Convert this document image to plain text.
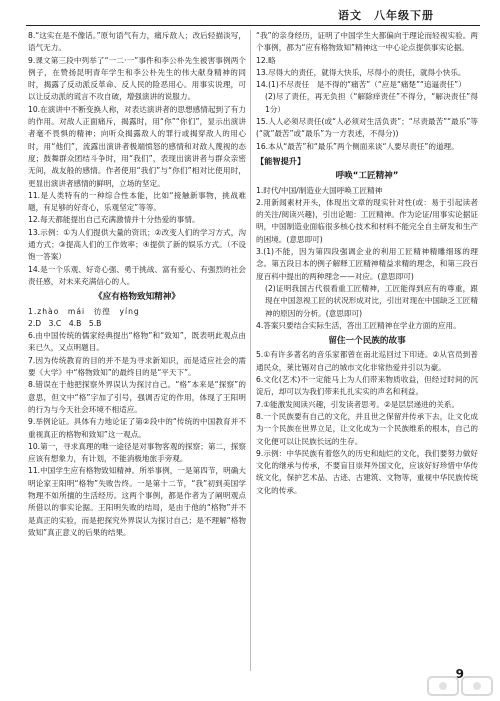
语文　八年级下册

8.“这实在是不像话。”原句语气有力，痛斥敌人；改后轻描淡写，语气无力。

9.课文第三段中列举了“一二·一”事件和李公朴先生被害事例两个例子，在赞扬昆明青年学生和李公朴先生的伟大献身精神的同时，揭露了反动派反革命、反人民的险恶用心。用事实说理，可以让反动派的谎言不攻自破，增强演讲的说服力。

10.在演讲中不断变换人称，对表达演讲者的思想感情起到了有力的作用。对敌人正面痛斥，揭露时，用“你”“你们”，显示出演讲者毫不畏惧的精神；向听众揭露敌人的罪行或揭穿敌人的用心时，用“他们”，流露出演讲者极端愤怒的感情和对敌人蔑视的态度；鼓舞群众团结斗争时，用“我们”，表现出演讲者与群众亲密无间，战友般的感情。作者使用“我们”与“你们”相对比使用时，更显出演讲者感情的鲜明，立场的坚定。

11.是人类特有的一种综合性本能，比如“接触新事物，挑战难题，有足够的好奇心，乐观坚定”等等。

12.每天都能提出自己充满激情并十分热爱的事情。

13.示例：①为人们提供大量的资讯；②改变人们的学习方式，沟通方式；③提高人们的工作效率；④提供了新的娱乐方式。（不设饱一答案）

14.是一个乐观、好奇心强、勇于挑战、富有爱心、有强烈的社会责任感，对未来充满信心的人。

《应有格物致知精神》

1.zhào　mái　彷徨　yíng

2.D　3.C　4.B　5.B

6.由中国传统的儒家经典提出“格物”和“致知”，既表明此观点由来已久，又点明题目。

7.因为传统教育的目的并不是为寻求新知识，而是适应社会的需要《大学》中“格物致知”的最终目的是“平天下”。

8.错误在于他把探察外界误认为探讨自己。“格”本来是“探察”的意思，但文中“格”字加了引号，强调否定的作用，体现了王阳明的行为与今天社会环境不相适应。

9.举例论证。具体有力地论证了第②段中的“传统的中国教育并不重视真正的格物和致知”这一观点。

10.第一，寻求真理的唯一途径是对事物客观的探察；第二，探察应该有想象力，有计划，不能消极地旅手旁观。

11.中国学生应有格物致知精神。所举事例，一是第四节，明确大明论家王阳明“格物”失败告终。一是第十二节，“我”初到美国学物理不如所擅的生活经历。这两个事例，都是作者为了阐明观点所借以的事实论据。王阳明失败的结局，是由于他的“格物”并不是真正的实验，而是把探究外界误认为探讨自己；是不理解“格物致知”真正意义的后果的结果。

“我”的亲身经历，证明了中国学生大都偏向于理论而轻视实验。两个事例，都为“应有格物致知”精神这一中心论点提供事实论据。

12.略

13.尽得大的责任，就得大快乐，尽得小的责任，就得小快乐。

14.(1)不尽责任　是不得的“痛苦”（“应是“痛楚”“追逼责任”）

(2)尽了责任，再无负担（“解除痒责任”不得分，“解决责任”得1分）

15.人人必须尽责任(或“人必须对生活负责”；“尽责最苦”“最乐”等(“就”最苦”或“最乐”为一方表述，不得分))

16.本从“最苦”和“最乐”两个侧面来谈“人要尽责任”的道理。

【能智提升】

呼唤“工匠精神”

1.时代/中国/制造业大国呼唤工匠精神

2.用新闻素材开头，体现出文章的现实针对性(或：易于引起读者的关注/阅读兴趣)，引出论题：工匠精神。作为论证/用事实论据证明，中国制造业面临很多核心技术和材料不能完全自主研发和生产的困境。(意思即可)

3.(1)不能，因为第四段强调企业的利用工匠精神精雕细琢的理念。第五段日本的例子解释工匠精神精益求精的理念，和第三段百度百科中提出的两种理念——对应。(意思即可)

(2)证明我国古代很看重工匠精神，工匠能得到应有的尊重，跟现在中国忽视工匠的状况形成对比，引出对现在中国缺乏工匠精神的原因的分析。(意思即可)

4.答案只要结合实际生活，答出工匠精神在学业方面的应用。

留住一个民族的故事

5.①有许多著名的音乐家都曾在南北巡回过下印迹。②从官员到普通民众，莱比锡对自己的城市文化非常热爱并引以为豪。

6.文化(艺术)不一定能马上为人们带来物质收益，但经过时间的沉淀后，却可以为我们带来扎扎实实的声名和利益。

7.①能激发阅读兴趣，引发读者思考。②是层层递进的关系。

8.一个民族要有自己的文化，并且世之保留并传承下去，让文化成为一个民族在世界立足，让文化成为一个民族维系的根本，自己的文化便可以让民族长远的生存。

9.示例：中华民族有着悠久的历史和灿烂的文化，我们要努力做好文化的继承与传承，不要盲目崇拜外国文化，应该好好珍惜中华传统文化，保护艺术品、古迹、古建筑、文物等，重视中华民族传统文化的传承。

9
